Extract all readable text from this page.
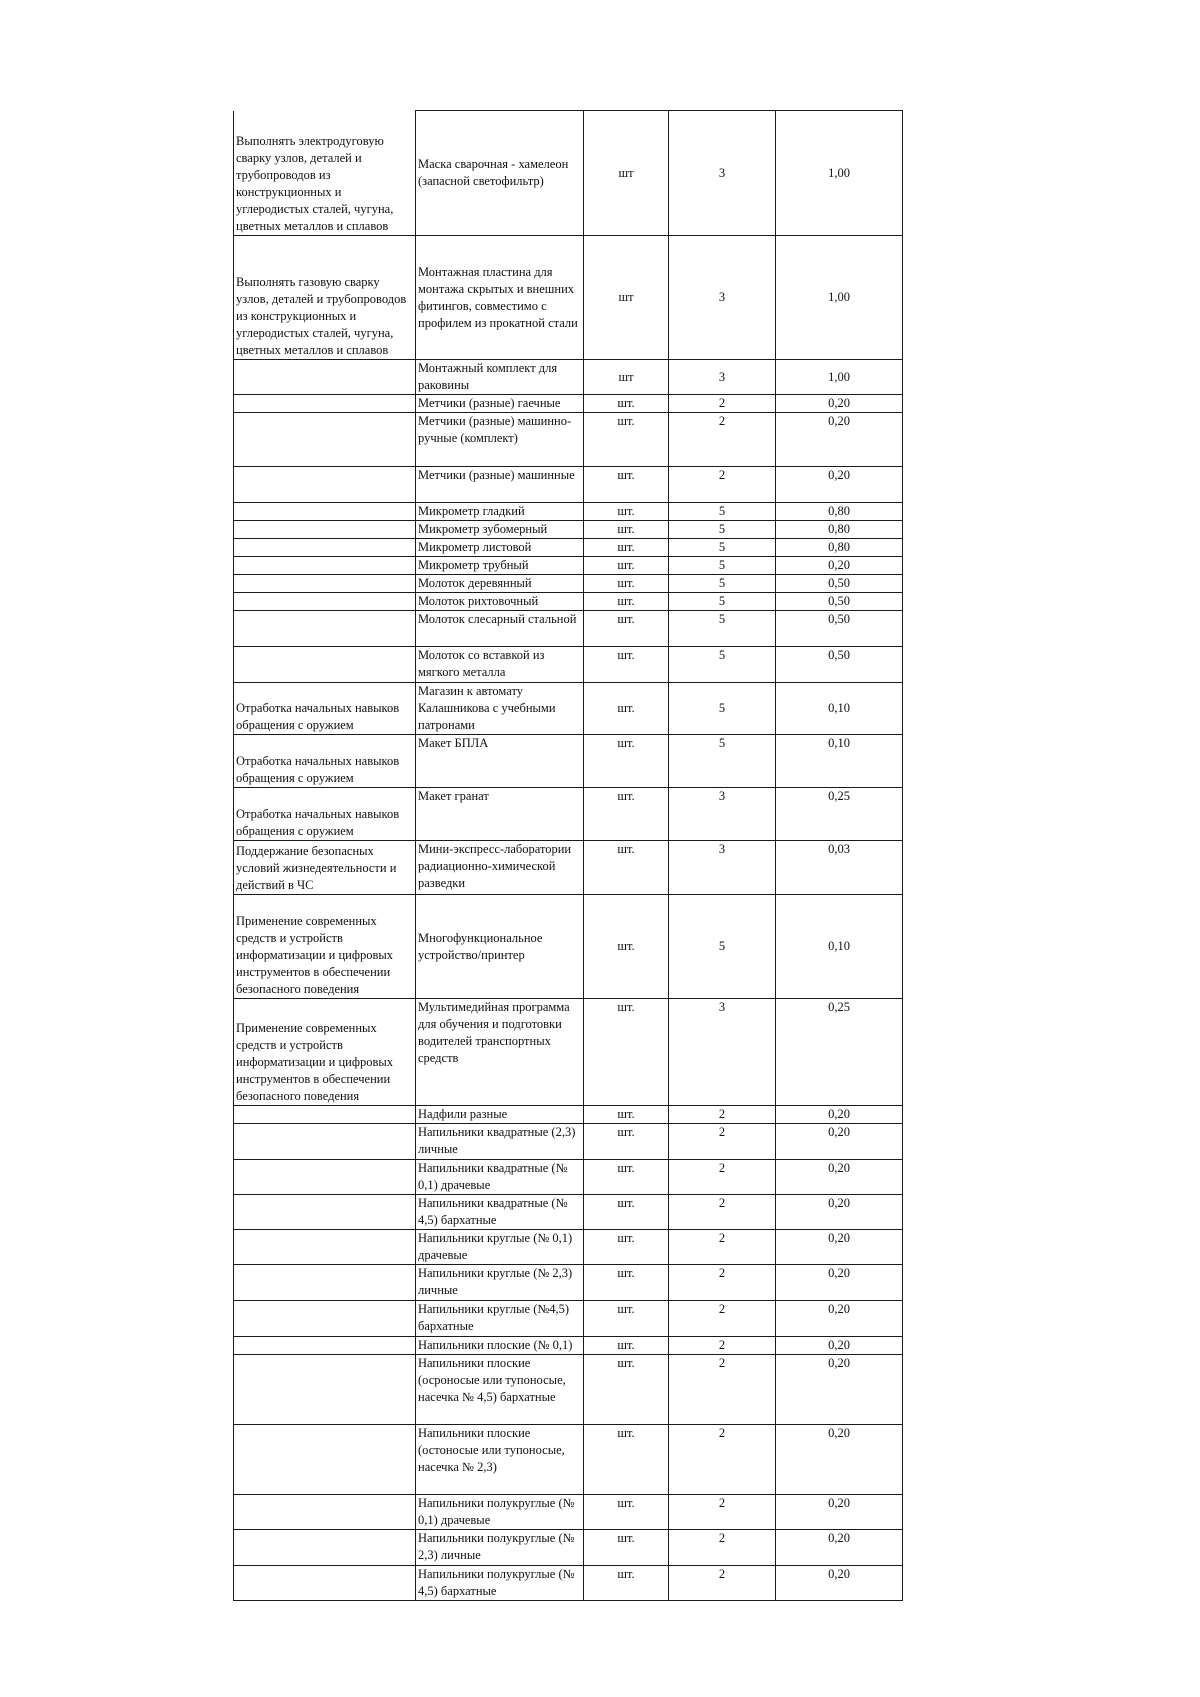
Выполнять электродуговую сварку узлов, деталей и трубопроводов из конструкционных и углеродистых сталей, чугуна, цветных металлов и сплавов	Маска сварочная - хамелеон (запасной светофильтр)	шт	3	1,00
Выполнять газовую сварку узлов, деталей и трубопроводов из конструкционных и углеродистых сталей, чугуна, цветных металлов и сплавов	Монтажная пластина для монтажа скрытых и внешних фитингов, совместимо с профилем из прокатной стали	шт	3	1,00
	Монтажный комплект для раковины	шт	3	1,00
	Метчики (разные) гаечные	шт.	2	0,20
	Метчики (разные) машинно-ручные (комплект)	шт.	2	0,20
	Метчики (разные) машинные	шт.	2	0,20
	Микрометр гладкий	шт.	5	0,80
	Микрометр зубомерный	шт.	5	0,80
	Микрометр листовой	шт.	5	0,80
	Микрометр трубный	шт.	5	0,20
	Молоток деревянный	шт.	5	0,50
	Молоток рихтовочный	шт.	5	0,50
	Молоток слесарный стальной	шт.	5	0,50
	Молоток со вставкой из мягкого металла	шт.	5	0,50
Отработка начальных навыков обращения с оружием	Магазин к автомату Калашникова с учебными патронами	шт.	5	0,10
Отработка начальных навыков обращения с оружием	Макет БПЛА	шт.	5	0,10
Отработка начальных навыков обращения с оружием	Макет гранат	шт.	3	0,25
Поддержание безопасных условий жизнедеятельности и действий в ЧС	Мини-экспресс-лаборатории радиационно-химической разведки	шт.	3	0,03
Применение современных средств и устройств информатизации и цифровых инструментов в обеспечении безопасного поведения	Многофункциональное устройство/принтер	шт.	5	0,10
Применение современных средств и устройств информатизации и цифровых инструментов в обеспечении безопасного поведения	Мультимедийная программа для обучения и подготовки водителей транспортных средств	шт.	3	0,25
	Надфили разные	шт.	2	0,20
	Напильники квадратные (2,3) личные	шт.	2	0,20
	Напильники квадратные (№ 0,1) драчевые	шт.	2	0,20
	Напильники квадратные (№ 4,5) бархатные	шт.	2	0,20
	Напильники круглые (№ 0,1) драчевые	шт.	2	0,20
	Напильники круглые (№ 2,3) личные	шт.	2	0,20
	Напильники круглые (№4,5) бархатные	шт.	2	0,20
	Напильники плоские (№ 0,1)	шт.	2	0,20
	Напильники плоские (осроносые или тупоносые, насечка № 4,5) бархатные	шт.	2	0,20
	Напильники плоские (остоносые или тупоносые, насечка № 2,3)	шт.	2	0,20
	Напильники полукруглые (№ 0,1) драчевые	шт.	2	0,20
	Напильники полукруглые (№ 2,3) личные	шт.	2	0,20
	Напильники полукруглые (№ 4,5) бархатные	шт.	2	0,20
